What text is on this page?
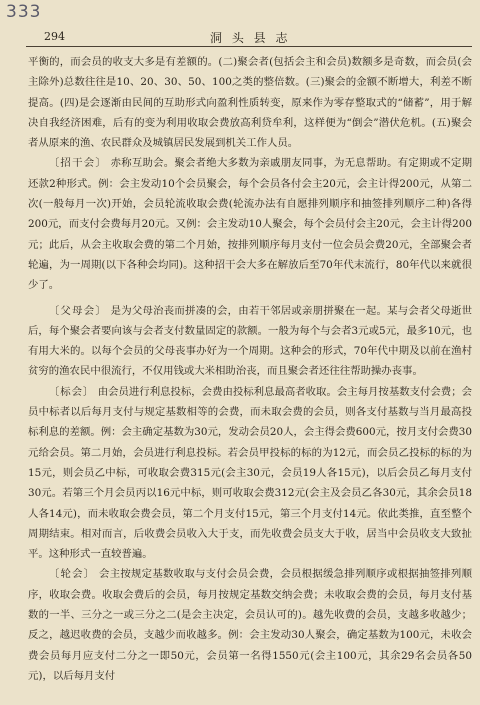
333
294	洞 头 县 志

平衡的，而会员的收支大多是有差额的。(二)聚会者(包括会主和会员)数额多是奇数，而会员(会主除外)总数往往是10、20、30、50、100之类的整倍数。(三)聚会的金额不断增大，利差不断提高。(四)是会逐渐由民间的互助形式向盈利性质转变，原来作为零存整取式的“储蓄”，用于解决自我经济困难，后有的变为利用收取会费放高利贷牟利，这样便为“倒会”潜伏危机。(五)聚会者从原来的渔、农民群众及城镇居民发展到机关工作人员。

〔招干会〕 赤称互助会。聚会者绝大多数为亲戚朋友同事，为无息帮助。有定期或不定期还款2种形式。例：会主发动10个会员聚会，每个会员各付会主20元，会主计得200元，从第二次(一般每月一次)开始，会员轮流收取会费(轮流办法有自愿排列顺序和抽签排列顺序二种)各得200元，而支付会费每月20元。又例：会主发动10人聚会，每个会员付会主20元，会主计得200元；此后，从会主收取会费的第二个月始，按排列顺序每月支付一位会员会费20元，全部聚会者轮遍，为一周期(以下各种会均同)。这种招干会大多在解放后至70年代末流行，80年代以来就很少了。

〔父母会〕 是为父母治丧而拼凑的会，由若干邻居或亲朋拼聚在一起。某与会者父母逝世后，每个聚会者要向该与会者支付数量固定的款额。一般为每个与会者3元或5元，最多10元，也有用大米的。以每个会员的父母丧事办好为一个周期。这种会的形式，70年代中期及以前在渔村贫穷的渔农民中很流行，不仅用钱或大米相助治丧，而且聚会者还往往帮助操办丧事。

〔标会〕 由会员进行利息投标，会费由投标利息最高者收取。会主每月按基数支付会费；会员中标者以后每月支付与规定基数相等的会费，而未取会费的会员，则各支付基数与当月最高投标利息的差额。例：会主确定基数为30元，发动会员20人，会主得会费600元，按月支付会费30元给会员。第二月始，会员进行利息投标。若会员甲投标的标的为12元，而会员乙投标的标的为15元，则会员乙中标，可收取会费315元(会主30元，会员19人各15元)，以后会员乙每月支付30元。若第三个月会员丙以16元中标，则可收取会费312元(会主及会员乙各30元，其余会员18人各14元)，而未收取会费会员，第二个月支付15元，第三个月支付14元。依此类推，直至整个周期结束。相对而言，后收费会员收入大于支，而先收费会员支大于收，居当中会员收支大致扯平。这种形式一直较普遍。

〔轮会〕 会主按规定基数收取与支付会员会费，会员根据缓急排列顺序或根据抽签排列顺序，收取会费。收取会费后的会员，每月按规定基数交纳会费；未收取会费的会员，每月支付基数的一半、三分之一或三分之二(是会主决定，会员认可的)。越先收费的会员，支越多收越少；反之，越迟收费的会员，支越少而收越多。例：会主发动30人聚会，确定基数为100元，未收会费会员每月应支付二分之一即50元，会员第一名得1550元(会主100元，其余29名会员各50元)，以后每月支付
